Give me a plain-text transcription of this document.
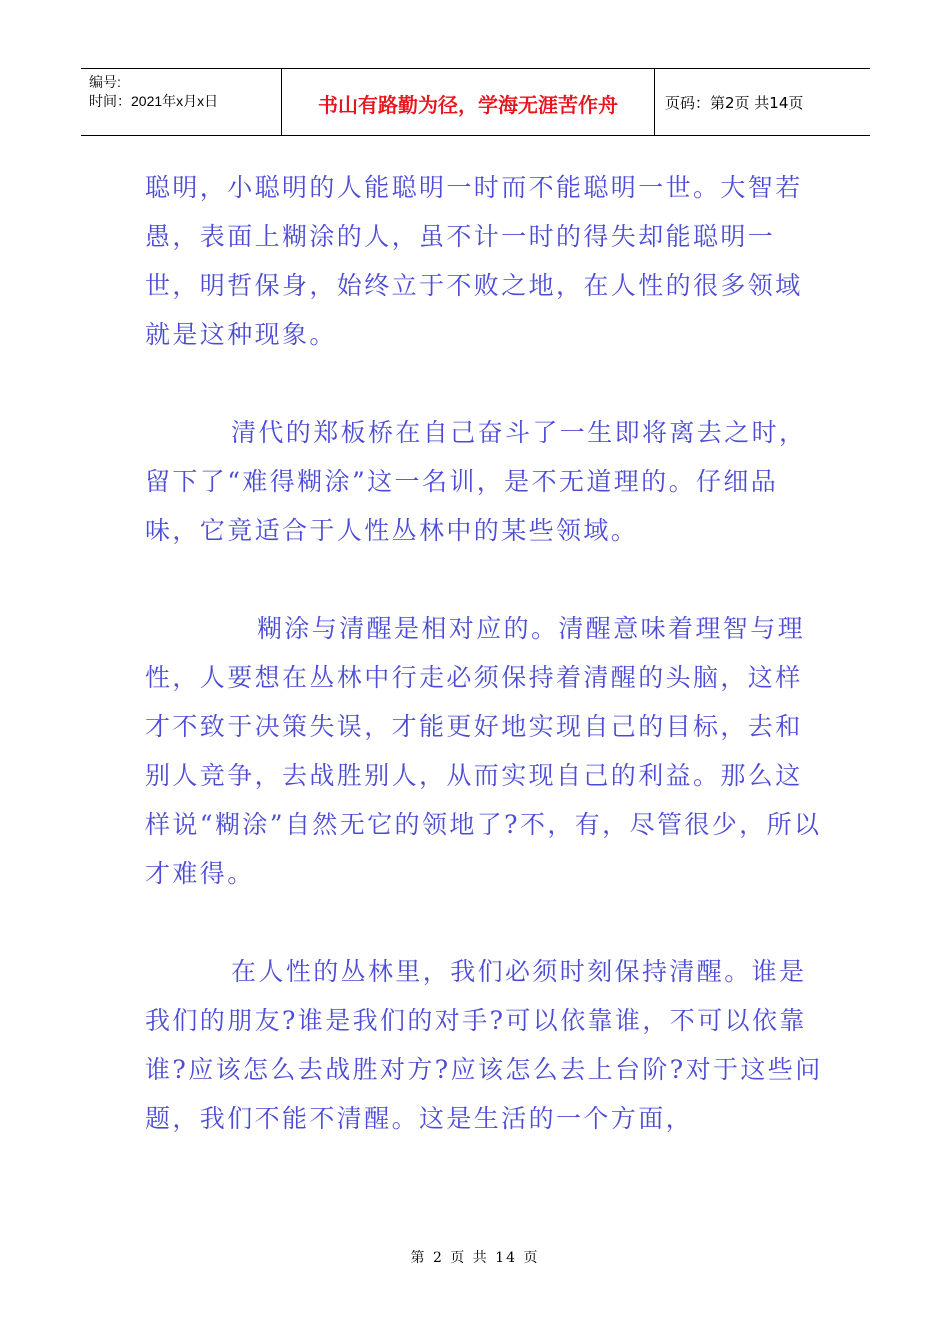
编号:
时间：2021年x月x日	书山有路勤为径，学海无涯苦作舟	页码：第2页 共14页

聪明，小聪明的人能聪明一时而不能聪明一世。大智若愚，表面上糊涂的人，虽不计一时的得失却能聪明一世，明哲保身，始终立于不败之地，在人性的很多领域就是这种现象。

清代的郑板桥在自己奋斗了一生即将离去之时，留下了“难得糊涂”这一名训，是不无道理的。仔细品味，它竟适合于人性丛林中的某些领域。

糊涂与清醒是相对应的。清醒意味着理智与理性，人要想在丛林中行走必须保持着清醒的头脑，这样才不致于决策失误，才能更好地实现自己的目标，去和别人竞争，去战胜别人，从而实现自己的利益。那么这样说“糊涂”自然无它的领地了?不，有，尽管很少，所以才难得。

在人性的丛林里，我们必须时刻保持清醒。谁是我们的朋友?谁是我们的对手?可以依靠谁，不可以依靠谁?应该怎么去战胜对方?应该怎么去上台阶?对于这些问题，我们不能不清醒。这是生活的一个方面，

第 2 页 共 14 页
